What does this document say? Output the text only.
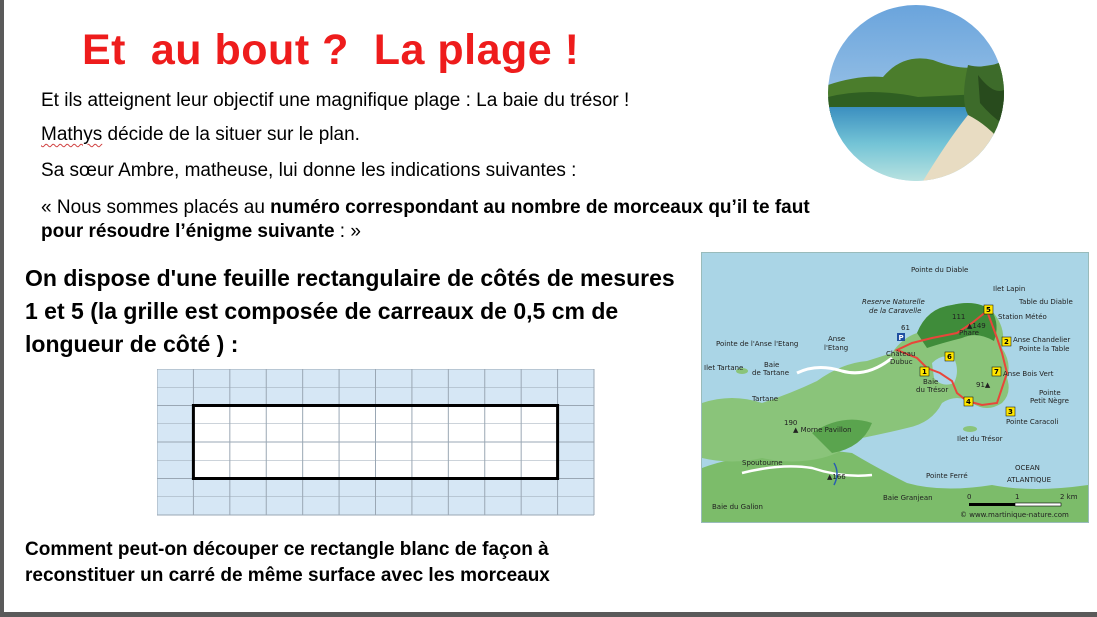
Et  au bout ?  La plage !
Et ils atteignent leur objectif une magnifique plage : La baie du trésor !
Mathys décide de la situer sur le plan.
Sa sœur Ambre, matheuse, lui donne les indications suivantes :
« Nous sommes placés au numéro correspondant au nombre de morceaux qu’il te faut
pour résoudre l’énigme suivante : »
On dispose d'une feuille rectangulaire de côtés de mesures 1 et 5 (la grille est composée de carreaux de 0,5 cm de longueur de côté ) :
Pointe du Diable
Ilet Lapin
Table du Diable
Reserve Naturelle
de la Caravelle
Station Météo
111
▲149
Phare
61
Pointe de l'Anse l'Etang
Anse
l'Etang
Anse Chandelier
Pointe la Table
Château
Dubuc
Ilet Tartane	Baie
de Tartane
Baie
du Trésor
91▲
Anse Bois Vert
Pointe
Petit Nègre
Tartane
Pointe Caracoli
190
▲ Morne Pavillon
Ilet du Trésor
Spoutourne
▲166	Pointe Ferré
OCEAN
ATLANTIQUE
Baie Granjean
Baie du Galion
0	1	2 km
© www.martinique-nature.com
P
1
2
3
4
5
6
7
Comment peut-on découper ce rectangle blanc de façon à
reconstituer un carré de même surface avec les morceaux
